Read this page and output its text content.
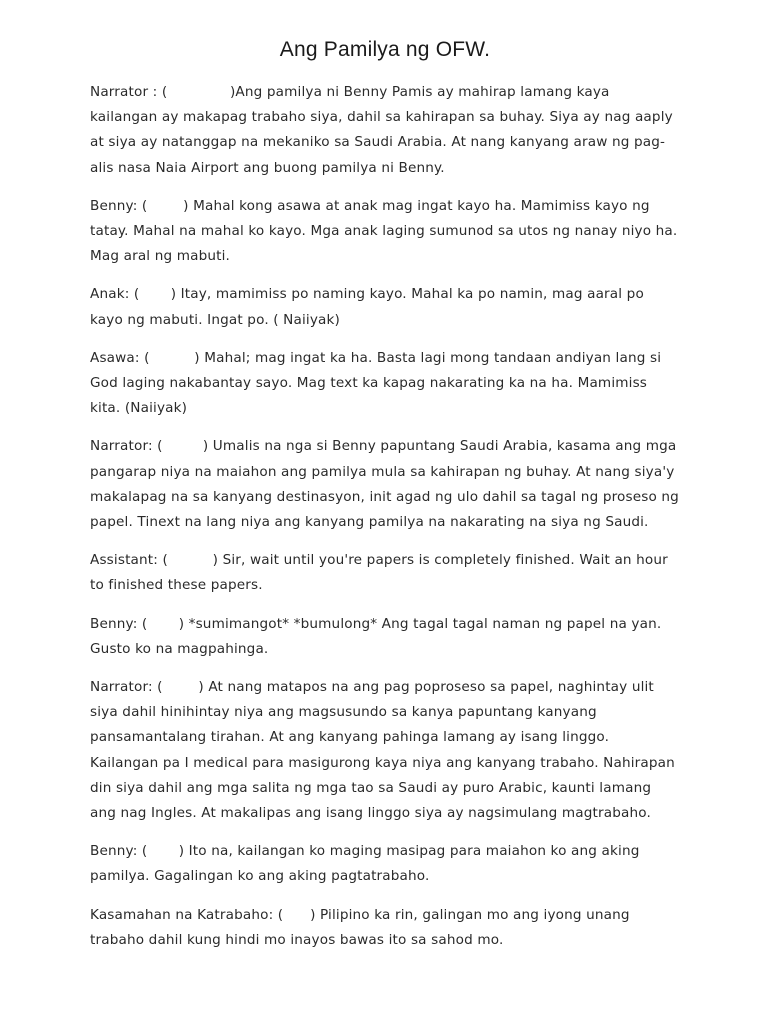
Ang Pamilya ng OFW.

Narrator : (	)Ang pamilya ni Benny Pamis ay mahirap lamang kaya kailangan ay makapag trabaho siya, dahil sa kahirapan sa buhay. Siya ay nag aaply at siya ay natanggap na mekaniko sa Saudi Arabia. At nang kanyang araw ng pag-alis nasa Naia Airport ang buong pamilya ni Benny.

Benny: (	) Mahal kong asawa at anak mag ingat kayo ha. Mamimiss kayo ng tatay. Mahal na mahal ko kayo. Mga anak laging sumunod sa utos ng nanay niyo ha. Mag aral ng mabuti.

Anak: ( ) Itay, mamimiss po naming kayo. Mahal ka po namin, mag aaral po kayo ng mabuti. Ingat po. ( Naiiyak)

Asawa: (	) Mahal; mag ingat ka ha. Basta lagi mong tandaan andiyan lang si God laging nakabantay sayo. Mag text ka kapag nakarating ka na ha. Mamimiss kita. (Naiiyak)

Narrator: (	) Umalis na nga si Benny papuntang Saudi Arabia, kasama ang mga pangarap niya na maiahon ang pamilya mula sa kahirapan ng buhay. At nang siya'y makalapag na sa kanyang destinasyon, init agad ng ulo dahil sa tagal ng proseso ng papel. Tinext na lang niya ang kanyang pamilya na nakarating na siya ng Saudi.

Assistant: (	) Sir, wait until you're papers is completely finished. Wait an hour to finished these papers.

Benny: ( ) *sumimangot* *bumulong* Ang tagal tagal naman ng papel na yan. Gusto ko na magpahinga.

Narrator: (	) At nang matapos na ang pag poproseso sa papel, naghintay ulit siya dahil hinihintay niya ang magsusundo sa kanya papuntang kanyang pansamantalang tirahan. At ang kanyang pahinga lamang ay isang linggo. Kailangan pa I medical para masigurong kaya niya ang kanyang trabaho. Nahirapan din siya dahil ang mga salita ng mga tao sa Saudi ay puro Arabic, kaunti lamang ang nag Ingles. At makalipas ang isang linggo siya ay nagsimulang magtrabaho.

Benny: ( ) Ito na, kailangan ko maging masipag para maiahon ko ang aking pamilya. Gagalingan ko ang aking pagtatrabaho.

Kasamahan na Katrabaho: ( ) Pilipino ka rin, galingan mo ang iyong unang trabaho dahil kung hindi mo inayos bawas ito sa sahod mo.
